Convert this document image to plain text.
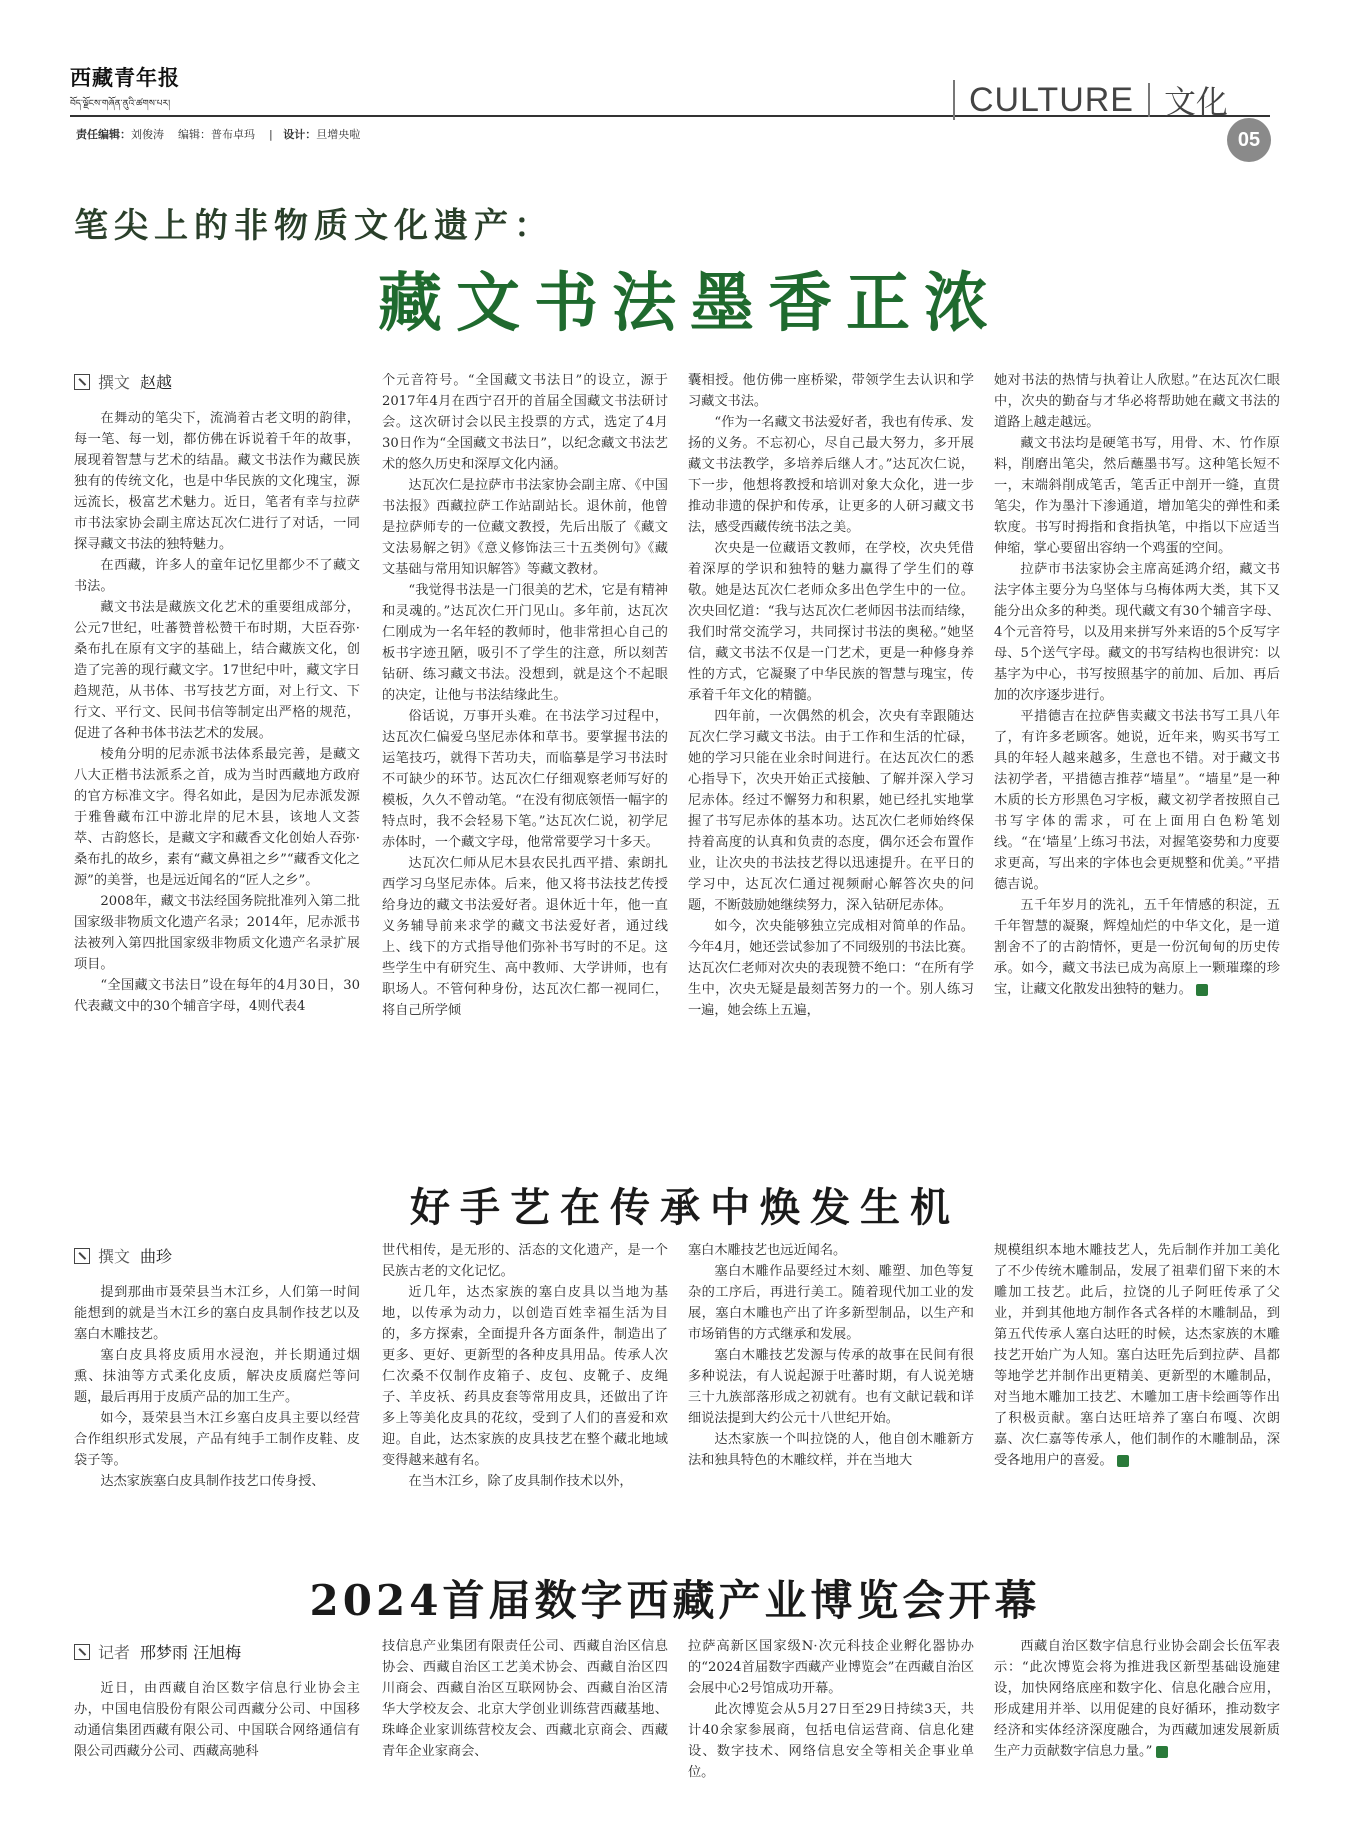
西藏青年报
བོད་ལྗོངས་གཞོན་ནུའི་ཚགས་པར།	CULTURE 文化
05
责任编辑：刘俊涛 编辑：普布卓玛 | 设计：旦增央啦
笔尖上的非物质文化遗产：
藏文书法墨香正浓
撰文 赵越

在舞动的笔尖下，流淌着古老文明的韵律，每一笔、每一划，都仿佛在诉说着千年的故事，展现着智慧与艺术的结晶。藏文书法作为藏民族独有的传统文化，也是中华民族的文化瑰宝，源远流长，极富艺术魅力。近日，笔者有幸与拉萨市书法家协会副主席达瓦次仁进行了对话，一同探寻藏文书法的独特魅力。

在西藏，许多人的童年记忆里都少不了藏文书法。

藏文书法是藏族文化艺术的重要组成部分，公元7世纪，吐蕃赞普松赞干布时期，大臣吞弥·桑布扎在原有文字的基础上，结合藏族文化，创造了完善的现行藏文字。17世纪中叶，藏文字日趋规范，从书体、书写技艺方面，对上行文、下行文、平行文、民间书信等制定出严格的规范，促进了各种书体书法艺术的发展。

棱角分明的尼赤派书法体系最完善，是藏文八大正楷书法派系之首，成为当时西藏地方政府的官方标准文字。得名如此，是因为尼赤派发源于雅鲁藏布江中游北岸的尼木县，该地人文荟萃、古韵悠长，是藏文字和藏香文化创始人吞弥·桑布扎的故乡，素有“藏文鼻祖之乡”“藏香文化之源”的美誉，也是远近闻名的“匠人之乡”。

2008年，藏文书法经国务院批准列入第二批国家级非物质文化遗产名录；2014年，尼赤派书法被列入第四批国家级非物质文化遗产名录扩展项目。

“全国藏文书法日”设在每年的4月30日，30代表藏文中的30个辅音字母，4则代表4

个元音符号。“全国藏文书法日”的设立，源于2017年4月在西宁召开的首届全国藏文书法研讨会。这次研讨会以民主投票的方式，选定了4月30日作为“全国藏文书法日”，以纪念藏文书法艺术的悠久历史和深厚文化内涵。

达瓦次仁是拉萨市书法家协会副主席、《中国书法报》西藏拉萨工作站副站长。退休前，他曾是拉萨师专的一位藏文教授，先后出版了《藏文文法易解之钥》《意义修饰法三十五类例句》《藏文基础与常用知识解答》等藏文教材。

“我觉得书法是一门很美的艺术，它是有精神和灵魂的。”达瓦次仁开门见山。多年前，达瓦次仁刚成为一名年轻的教师时，他非常担心自己的板书字迹丑陋，吸引不了学生的注意，所以刻苦钻研、练习藏文书法。没想到，就是这个不起眼的决定，让他与书法结缘此生。

俗话说，万事开头难。在书法学习过程中，达瓦次仁偏爱乌坚尼赤体和草书。要掌握书法的运笔技巧，就得下苦功夫，而临摹是学习书法时不可缺少的环节。达瓦次仁仔细观察老师写好的模板，久久不曾动笔。“在没有彻底领悟一幅字的特点时，我不会轻易下笔。”达瓦次仁说，初学尼赤体时，一个藏文字母，他常常要学习十多天。

达瓦次仁师从尼木县农民扎西平措、索朗扎西学习乌坚尼赤体。后来，他又将书法技艺传授给身边的藏文书法爱好者。退休近十年，他一直义务辅导前来求学的藏文书法爱好者，通过线上、线下的方式指导他们弥补书写时的不足。这些学生中有研究生、高中教师、大学讲师，也有职场人。不管何种身份，达瓦次仁都一视同仁，将自己所学倾

囊相授。他仿佛一座桥梁，带领学生去认识和学习藏文书法。

“作为一名藏文书法爱好者，我也有传承、发扬的义务。不忘初心，尽自己最大努力，多开展藏文书法教学，多培养后继人才。”达瓦次仁说，下一步，他想将教授和培训对象大众化，进一步推动非遗的保护和传承，让更多的人研习藏文书法，感受西藏传统书法之美。

次央是一位藏语文教师，在学校，次央凭借着深厚的学识和独特的魅力赢得了学生们的尊敬。她是达瓦次仁老师众多出色学生中的一位。次央回忆道：“我与达瓦次仁老师因书法而结缘，我们时常交流学习，共同探讨书法的奥秘。”她坚信，藏文书法不仅是一门艺术，更是一种修身养性的方式，它凝聚了中华民族的智慧与瑰宝，传承着千年文化的精髓。

四年前，一次偶然的机会，次央有幸跟随达瓦次仁学习藏文书法。由于工作和生活的忙碌，她的学习只能在业余时间进行。在达瓦次仁的悉心指导下，次央开始正式接触、了解并深入学习尼赤体。经过不懈努力和积累，她已经扎实地掌握了书写尼赤体的基本功。达瓦次仁老师始终保持着高度的认真和负责的态度，偶尔还会布置作业，让次央的书法技艺得以迅速提升。在平日的学习中，达瓦次仁通过视频耐心解答次央的问题，不断鼓励她继续努力，深入钻研尼赤体。

如今，次央能够独立完成相对简单的作品。今年4月，她还尝试参加了不同级别的书法比赛。达瓦次仁老师对次央的表现赞不绝口：“在所有学生中，次央无疑是最刻苦努力的一个。别人练习一遍，她会练上五遍，

她对书法的热情与执着让人欣慰。”在达瓦次仁眼中，次央的勤奋与才华必将帮助她在藏文书法的道路上越走越远。

藏文书法均是硬笔书写，用骨、木、竹作原料，削磨出笔尖，然后蘸墨书写。这种笔长短不一，末端斜削成笔舌，笔舌正中剖开一缝，直贯笔尖，作为墨汁下渗通道，增加笔尖的弹性和柔软度。书写时拇指和食指执笔，中指以下应适当伸缩，掌心要留出容纳一个鸡蛋的空间。

拉萨市书法家协会主席高延鸿介绍，藏文书法字体主要分为乌坚体与乌梅体两大类，其下又能分出众多的种类。现代藏文有30个辅音字母、4个元音符号，以及用来拼写外来语的5个反写字母、5个送气字母。藏文的书写结构也很讲究：以基字为中心，书写按照基字的前加、后加、再后加的次序逐步进行。

平措德吉在拉萨售卖藏文书法书写工具八年了，有许多老顾客。她说，近年来，购买书写工具的年轻人越来越多，生意也不错。对于藏文书法初学者，平措德吉推荐“墙星”。“墙星”是一种木质的长方形黑色习字板，藏文初学者按照自己书写字体的需求，可在上面用白色粉笔划线。“在‘墙星’上练习书法，对握笔姿势和力度要求更高，写出来的字体也会更规整和优美。”平措德吉说。

五千年岁月的洗礼，五千年情感的积淀，五千年智慧的凝聚，辉煌灿烂的中华文化，是一道割舍不了的古韵情怀，更是一份沉甸甸的历史传承。如今，藏文书法已成为高原上一颗璀璨的珍宝，让藏文化散发出独特的魅力。

好手艺在传承中焕发生机
撰文 曲珍

提到那曲市聂荣县当木江乡，人们第一时间能想到的就是当木江乡的塞白皮具制作技艺以及塞白木雕技艺。

塞白皮具将皮质用水浸泡，并长期通过烟熏、抹油等方式柔化皮质，解决皮质腐烂等问题，最后再用于皮质产品的加工生产。

如今，聂荣县当木江乡塞白皮具主要以经营合作组织形式发展，产品有纯手工制作皮鞋、皮袋子等。

达杰家族塞白皮具制作技艺口传身授、

世代相传，是无形的、活态的文化遗产，是一个民族古老的文化记忆。

近几年，达杰家族的塞白皮具以当地为基地，以传承为动力，以创造百姓幸福生活为目的，多方探索，全面提升各方面条件，制造出了更多、更好、更新型的各种皮具用品。传承人次仁次桑不仅制作皮箱子、皮包、皮靴子、皮绳子、羊皮袄、药具皮套等常用皮具，还做出了许多上等美化皮具的花纹，受到了人们的喜爱和欢迎。自此，达杰家族的皮具技艺在整个藏北地域变得越来越有名。

在当木江乡，除了皮具制作技术以外，

塞白木雕技艺也远近闻名。

塞白木雕作品要经过木刻、雕塑、加色等复杂的工序后，再进行美工。随着现代加工业的发展，塞白木雕也产出了许多新型制品，以生产和市场销售的方式继承和发展。

塞白木雕技艺发源与传承的故事在民间有很多种说法，有人说起源于吐蕃时期，有人说羌塘三十九族部落形成之初就有。也有文献记载和详细说法提到大约公元十八世纪开始。

达杰家族一个叫拉饶的人，他自创木雕新方法和独具特色的木雕纹样，并在当地大

规模组织本地木雕技艺人，先后制作并加工美化了不少传统木雕制品，发展了祖辈们留下来的木雕加工技艺。此后，拉饶的儿子阿旺传承了父业，并到其他地方制作各式各样的木雕制品，到第五代传承人塞白达旺的时候，达杰家族的木雕技艺开始广为人知。塞白达旺先后到拉萨、昌都等地学艺并制作出更精美、更新型的木雕制品，对当地木雕加工技艺、木雕加工唐卡绘画等作出了积极贡献。塞白达旺培养了塞白布嘎、次朗嘉、次仁嘉等传承人，他们制作的木雕制品，深受各地用户的喜爱。

2024首届数字西藏产业博览会开幕
记者 邢梦雨 汪旭梅

近日，由西藏自治区数字信息行业协会主办，中国电信股份有限公司西藏分公司、中国移动通信集团西藏有限公司、中国联合网络通信有限公司西藏分公司、西藏高驰科

技信息产业集团有限责任公司、西藏自治区信息协会、西藏自治区工艺美术协会、西藏自治区四川商会、西藏自治区互联网协会、西藏自治区清华大学校友会、北京大学创业训练营西藏基地、珠峰企业家训练营校友会、西藏北京商会、西藏青年企业家商会、

拉萨高新区国家级N·次元科技企业孵化器协办的“2024首届数字西藏产业博览会”在西藏自治区会展中心2号馆成功开幕。

此次博览会从5月27日至29日持续3天，共计40余家参展商，包括电信运营商、信息化建设、数字技术、网络信息安全等相关企事业单位。

西藏自治区数字信息行业协会副会长伍军表示：“此次博览会将为推进我区新型基础设施建设，加快网络底座和数字化、信息化融合应用，形成建用并举、以用促建的良好循环，推动数字经济和实体经济深度融合，为西藏加速发展新质生产力贡献数字信息力量。”
